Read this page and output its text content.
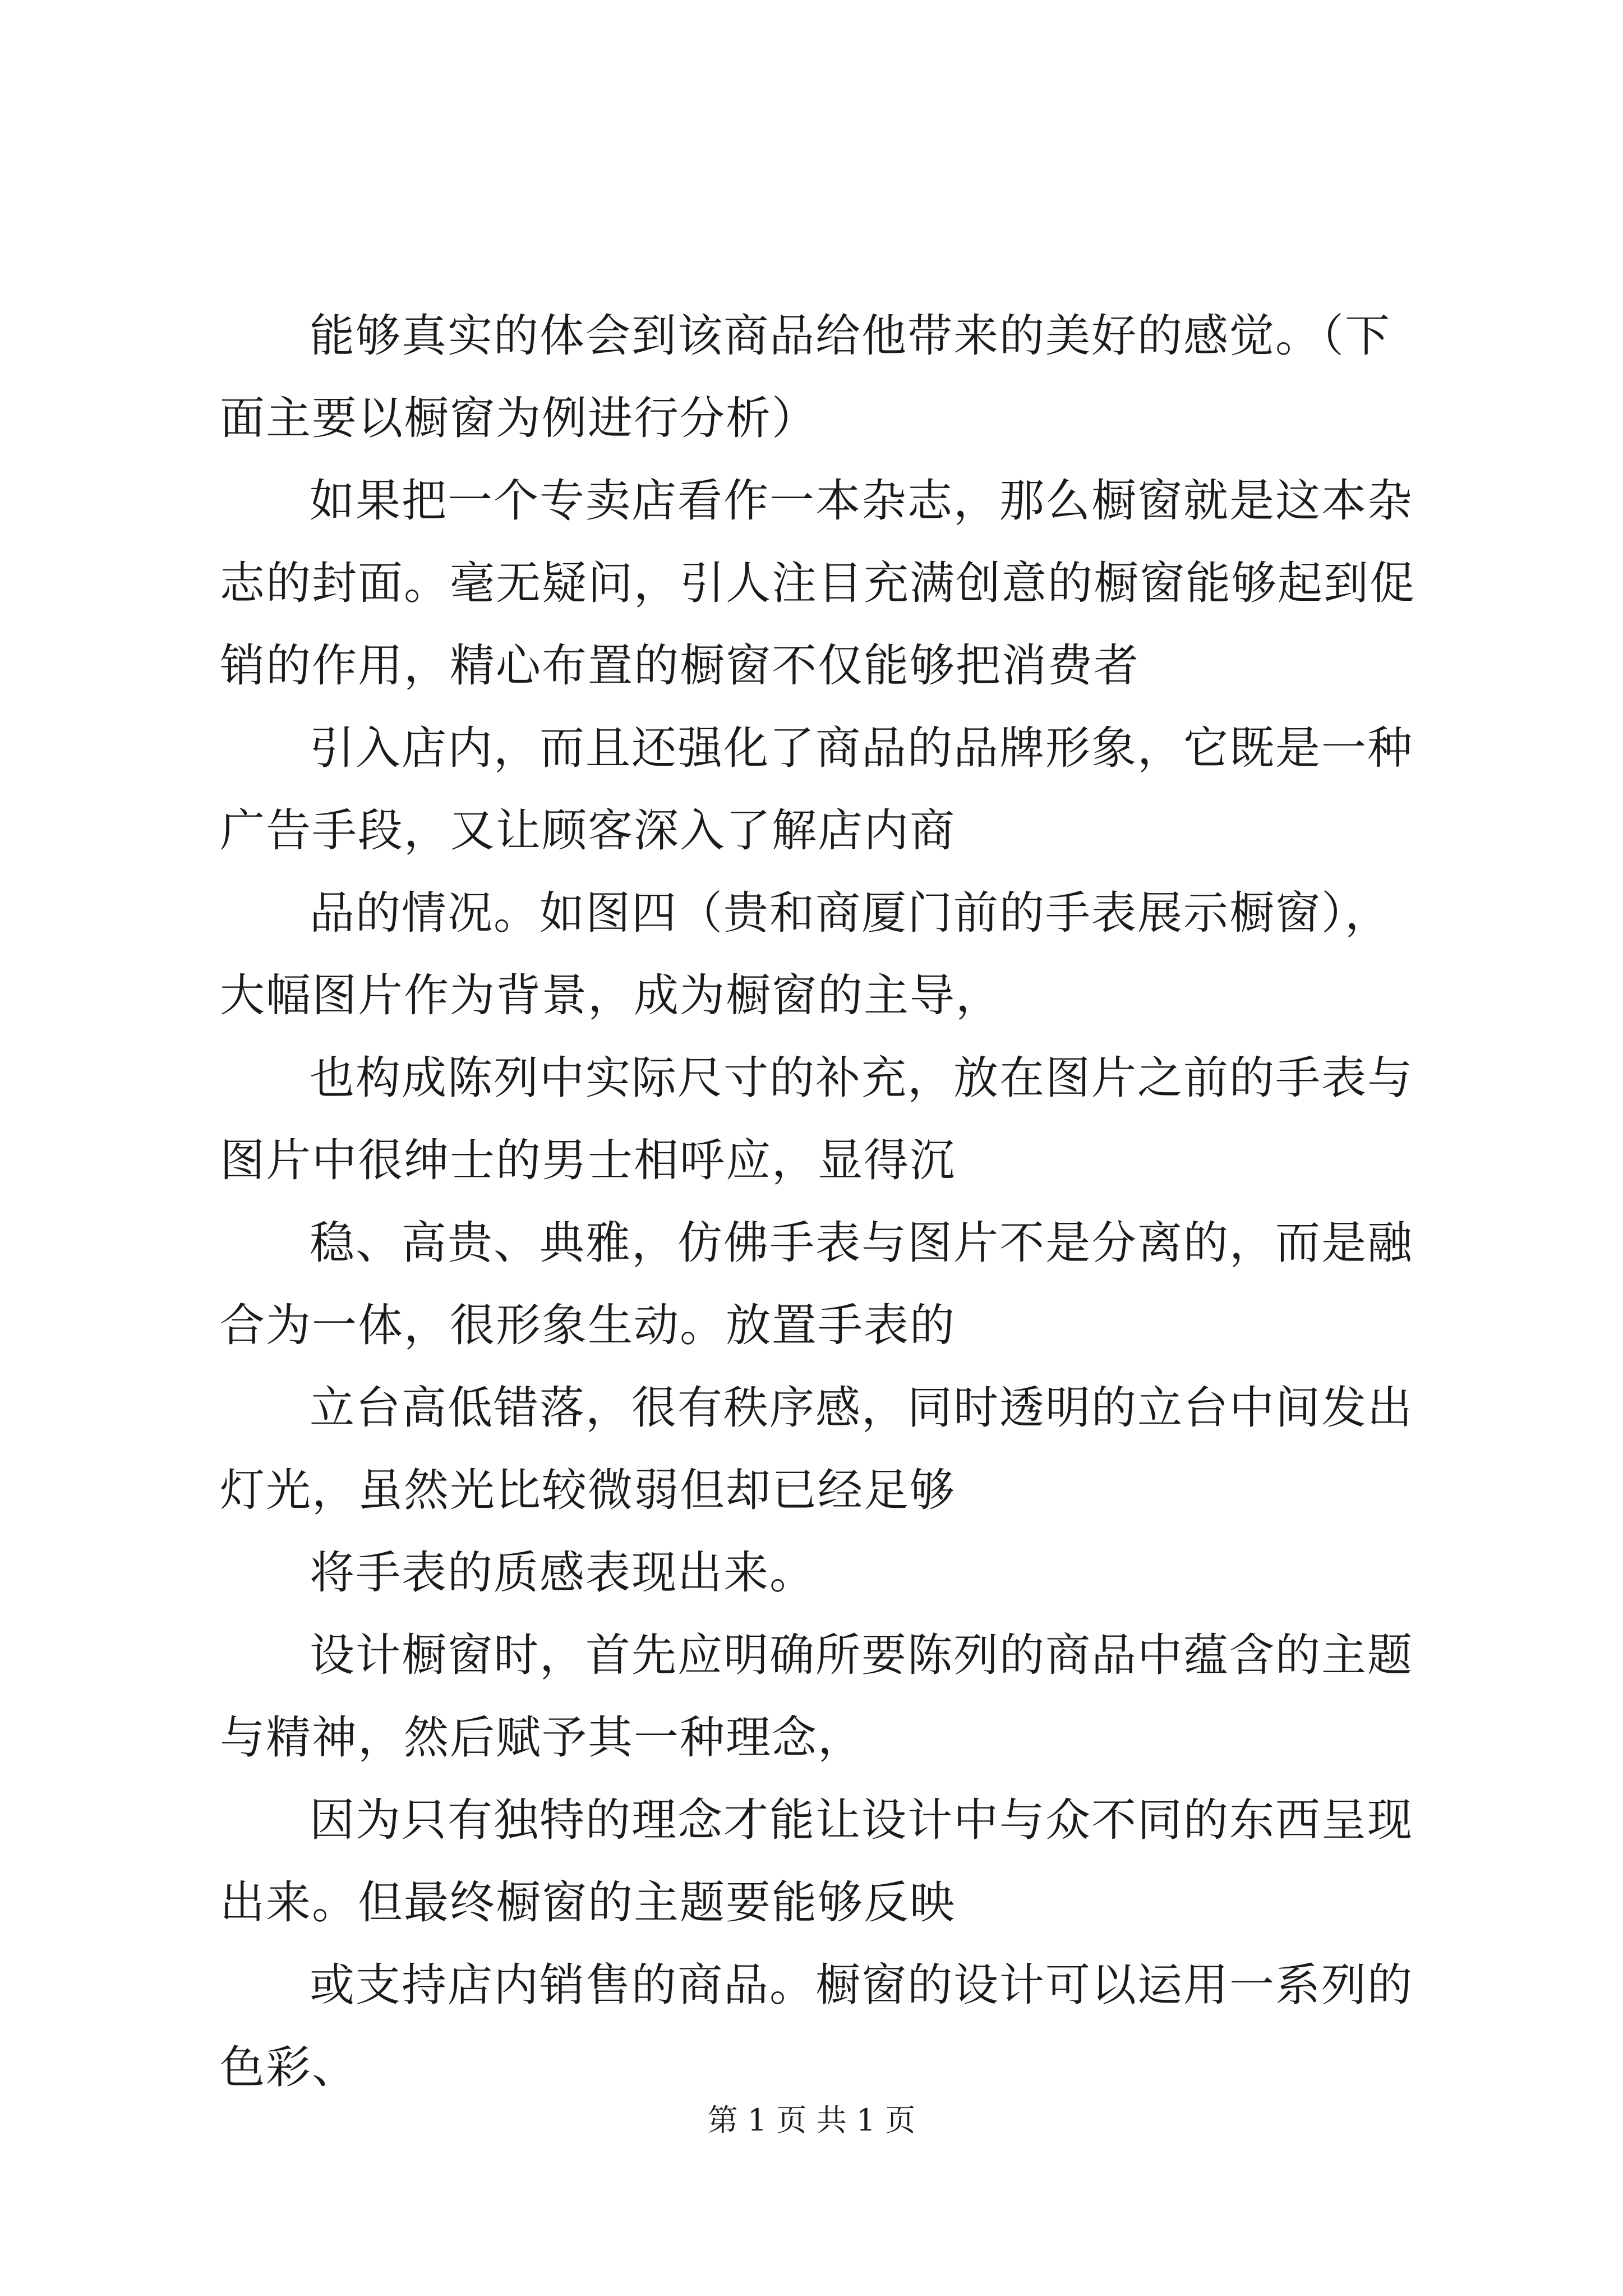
能够真实的体会到该商品给他带来的美好的感觉。（下面主要以橱窗为例进行分析）

如果把一个专卖店看作一本杂志，那么橱窗就是这本杂志的封面。毫无疑问，引人注目充满创意的橱窗能够起到促销的作用，精心布置的橱窗不仅能够把消费者

引入店内，而且还强化了商品的品牌形象，它既是一种广告手段，又让顾客深入了解店内商

品的情况。如图四（贵和商厦门前的手表展示橱窗），大幅图片作为背景，成为橱窗的主导，

也构成陈列中实际尺寸的补充，放在图片之前的手表与图片中很绅士的男士相呼应，显得沉

稳、高贵、典雅，仿佛手表与图片不是分离的，而是融合为一体，很形象生动。放置手表的

立台高低错落，很有秩序感，同时透明的立台中间发出灯光，虽然光比较微弱但却已经足够

将手表的质感表现出来。

设计橱窗时，首先应明确所要陈列的商品中蕴含的主题与精神，然后赋予其一种理念，

因为只有独特的理念才能让设计中与众不同的东西呈现出来。但最终橱窗的主题要能够反映

或支持店内销售的商品。橱窗的设计可以运用一系列的色彩、

第 1 页 共 1 页
